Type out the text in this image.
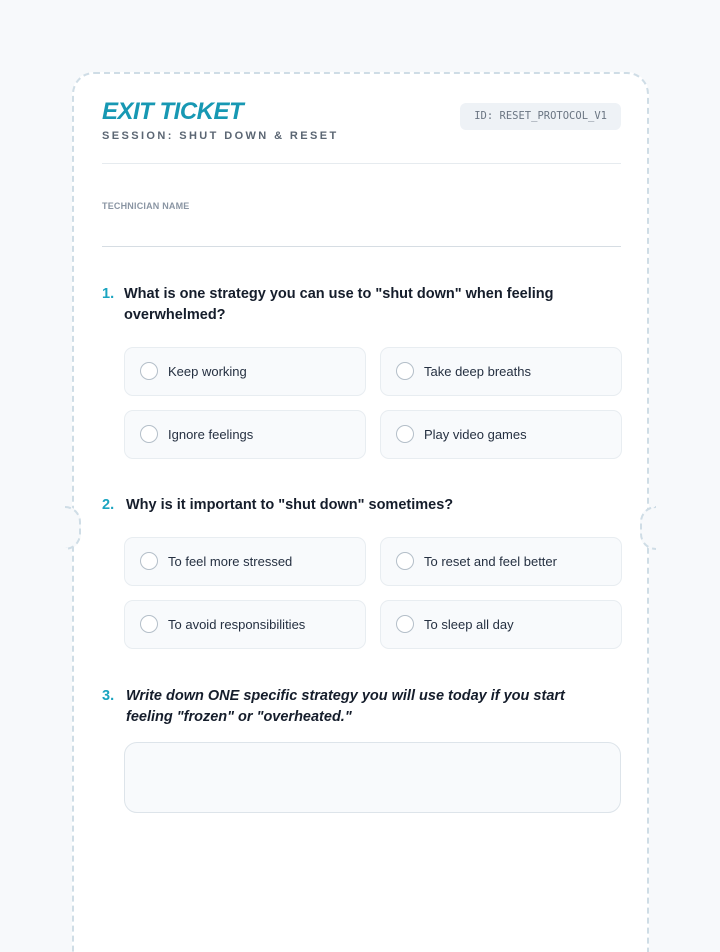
EXIT TICKET
SESSION: SHUT DOWN & RESET
ID: RESET_PROTOCOL_V1
TECHNICIAN NAME
1. What is one strategy you can use to "shut down" when feeling overwhelmed?
Keep working	Take deep breaths
Ignore feelings	Play video games
2. Why is it important to "shut down" sometimes?
To feel more stressed	To reset and feel better
To avoid responsibilities	To sleep all day
3. Write down ONE specific strategy you will use today if you start feeling "frozen" or "overheated."
